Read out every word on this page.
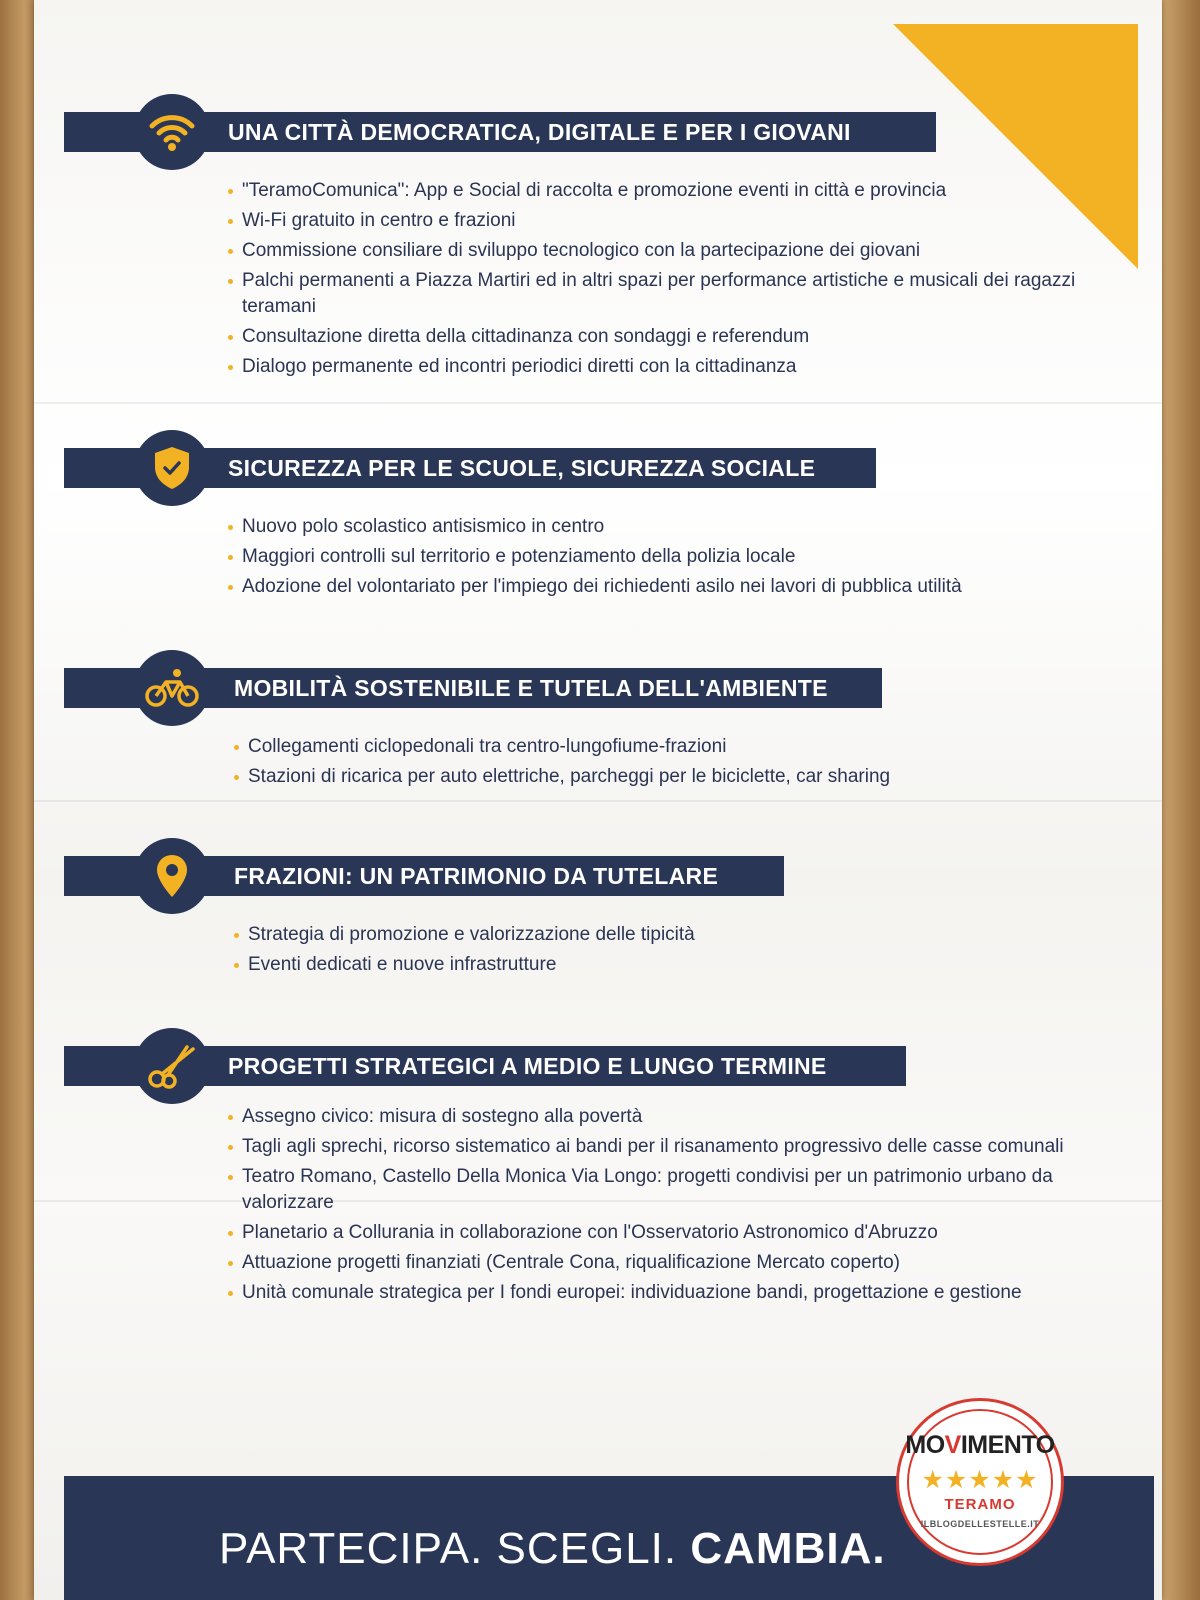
UNA CITTÀ DEMOCRATICA, DIGITALE E PER I GIOVANI
"TeramoComunica": App e Social di raccolta e promozione eventi in città e provincia
Wi-Fi gratuito in centro e frazioni
Commissione consiliare di sviluppo tecnologico con la partecipazione dei giovani
Palchi permanenti a Piazza Martiri ed in altri spazi per performance artistiche e musicali dei ragazzi teramani
Consultazione diretta della cittadinanza con sondaggi e referendum
Dialogo permanente ed incontri periodici diretti con la cittadinanza
SICUREZZA PER LE SCUOLE, SICUREZZA SOCIALE
Nuovo polo scolastico antisismico in centro
Maggiori controlli sul territorio e potenziamento della polizia locale
Adozione del volontariato per l'impiego dei richiedenti asilo nei lavori di pubblica utilità
MOBILITÀ SOSTENIBILE E TUTELA DELL'AMBIENTE
Collegamenti ciclopedonali tra centro-lungofiume-frazioni
Stazioni di ricarica per auto elettriche, parcheggi per le biciclette, car sharing
FRAZIONI: UN PATRIMONIO DA TUTELARE
Strategia di promozione e valorizzazione delle tipicità
Eventi dedicati e nuove infrastrutture
PROGETTI STRATEGICI A MEDIO E LUNGO TERMINE
Assegno civico: misura di sostegno alla povertà
Tagli agli sprechi, ricorso sistematico ai bandi per il risanamento progressivo delle casse comunali
Teatro Romano, Castello Della Monica Via Longo: progetti condivisi per un patrimonio urbano da valorizzare
Planetario a Collurania in collaborazione con l'Osservatorio Astronomico d'Abruzzo
Attuazione progetti finanziati (Centrale Cona, riqualificazione Mercato coperto)
Unità comunale strategica per I fondi europei: individuazione bandi, progettazione e gestione
PARTECIPA. SCEGLI. CAMBIA.
MOVIMENTO
★★★★★
TERAMO
ILBLOGDELLESTELLE.IT
